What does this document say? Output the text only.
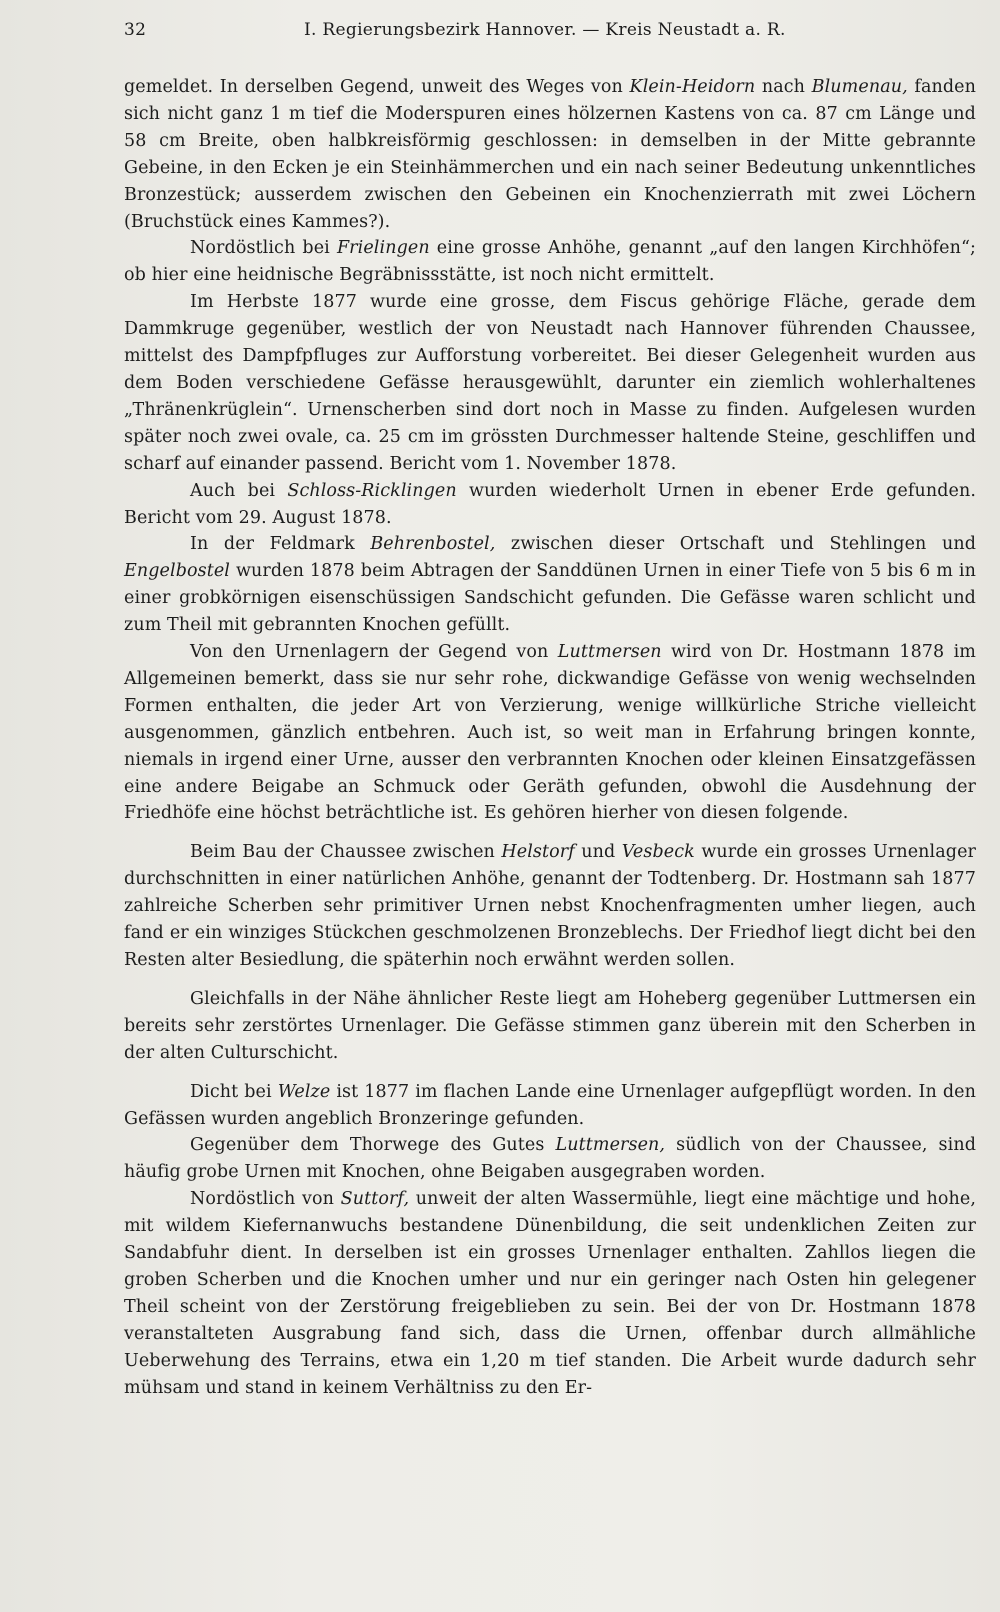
32	I. Regierungsbezirk Hannover. — Kreis Neustadt a. R.

gemeldet. In derselben Gegend, unweit des Weges von Klein-Heidorn nach Blumenau, fanden sich nicht ganz 1 m tief die Moderspuren eines hölzernen Kastens von ca. 87 cm Länge und 58 cm Breite, oben halbkreisförmig geschlossen: in demselben in der Mitte gebrannte Gebeine, in den Ecken je ein Steinhämmerchen und ein nach seiner Bedeutung unkenntliches Bronzestück; ausserdem zwischen den Gebeinen ein Knochenzierrath mit zwei Löchern (Bruchstück eines Kammes?).

Nordöstlich bei Frielingen eine grosse Anhöhe, genannt „auf den langen Kirchhöfen“; ob hier eine heidnische Begräbnissstätte, ist noch nicht ermittelt.

Im Herbste 1877 wurde eine grosse, dem Fiscus gehörige Fläche, gerade dem Dammkruge gegenüber, westlich der von Neustadt nach Hannover führenden Chaussee, mittelst des Dampfpfluges zur Aufforstung vorbereitet. Bei dieser Gelegenheit wurden aus dem Boden verschiedene Gefässe herausgewühlt, darunter ein ziemlich wohlerhaltenes „Thränenkrüglein“. Urnenscherben sind dort noch in Masse zu finden. Aufgelesen wurden später noch zwei ovale, ca. 25 cm im grössten Durchmesser haltende Steine, geschliffen und scharf auf einander passend. Bericht vom 1. November 1878.

Auch bei Schloss-Ricklingen wurden wiederholt Urnen in ebener Erde gefunden. Bericht vom 29. August 1878.

In der Feldmark Behrenbostel, zwischen dieser Ortschaft und Stehlingen und Engelbostel wurden 1878 beim Abtragen der Sanddünen Urnen in einer Tiefe von 5 bis 6 m in einer grobkörnigen eisenschüssigen Sandschicht gefunden. Die Gefässe waren schlicht und zum Theil mit gebrannten Knochen gefüllt.

Von den Urnenlagern der Gegend von Luttmersen wird von Dr. Hostmann 1878 im Allgemeinen bemerkt, dass sie nur sehr rohe, dickwandige Gefässe von wenig wechselnden Formen enthalten, die jeder Art von Verzierung, wenige willkürliche Striche vielleicht ausgenommen, gänzlich entbehren. Auch ist, so weit man in Erfahrung bringen konnte, niemals in irgend einer Urne, ausser den verbrannten Knochen oder kleinen Einsatzgefässen eine andere Beigabe an Schmuck oder Geräth gefunden, obwohl die Ausdehnung der Friedhöfe eine höchst beträchtliche ist. Es gehören hierher von diesen folgende.

Beim Bau der Chaussee zwischen Helstorf und Vesbeck wurde ein grosses Urnenlager durchschnitten in einer natürlichen Anhöhe, genannt der Todtenberg. Dr. Hostmann sah 1877 zahlreiche Scherben sehr primitiver Urnen nebst Knochenfragmenten umher liegen, auch fand er ein winziges Stückchen geschmolzenen Bronzeblechs. Der Friedhof liegt dicht bei den Resten alter Besiedlung, die späterhin noch erwähnt werden sollen.

Gleichfalls in der Nähe ähnlicher Reste liegt am Hoheberg gegenüber Luttmersen ein bereits sehr zerstörtes Urnenlager. Die Gefässe stimmen ganz überein mit den Scherben in der alten Culturschicht.

Dicht bei Welze ist 1877 im flachen Lande eine Urnenlager aufgepflügt worden. In den Gefässen wurden angeblich Bronzeringe gefunden.

Gegenüber dem Thorwege des Gutes Luttmersen, südlich von der Chaussee, sind häufig grobe Urnen mit Knochen, ohne Beigaben ausgegraben worden.

Nordöstlich von Suttorf, unweit der alten Wassermühle, liegt eine mächtige und hohe, mit wildem Kiefernanwuchs bestandene Dünenbildung, die seit undenklichen Zeiten zur Sandabfuhr dient. In derselben ist ein grosses Urnenlager enthalten. Zahllos liegen die groben Scherben und die Knochen umher und nur ein geringer nach Osten hin gelegener Theil scheint von der Zerstörung freigeblieben zu sein. Bei der von Dr. Hostmann 1878 veranstalteten Ausgrabung fand sich, dass die Urnen, offenbar durch allmähliche Ueberwehung des Terrains, etwa ein 1,20 m tief standen. Die Arbeit wurde dadurch sehr mühsam und stand in keinem Verhältniss zu den Er-
